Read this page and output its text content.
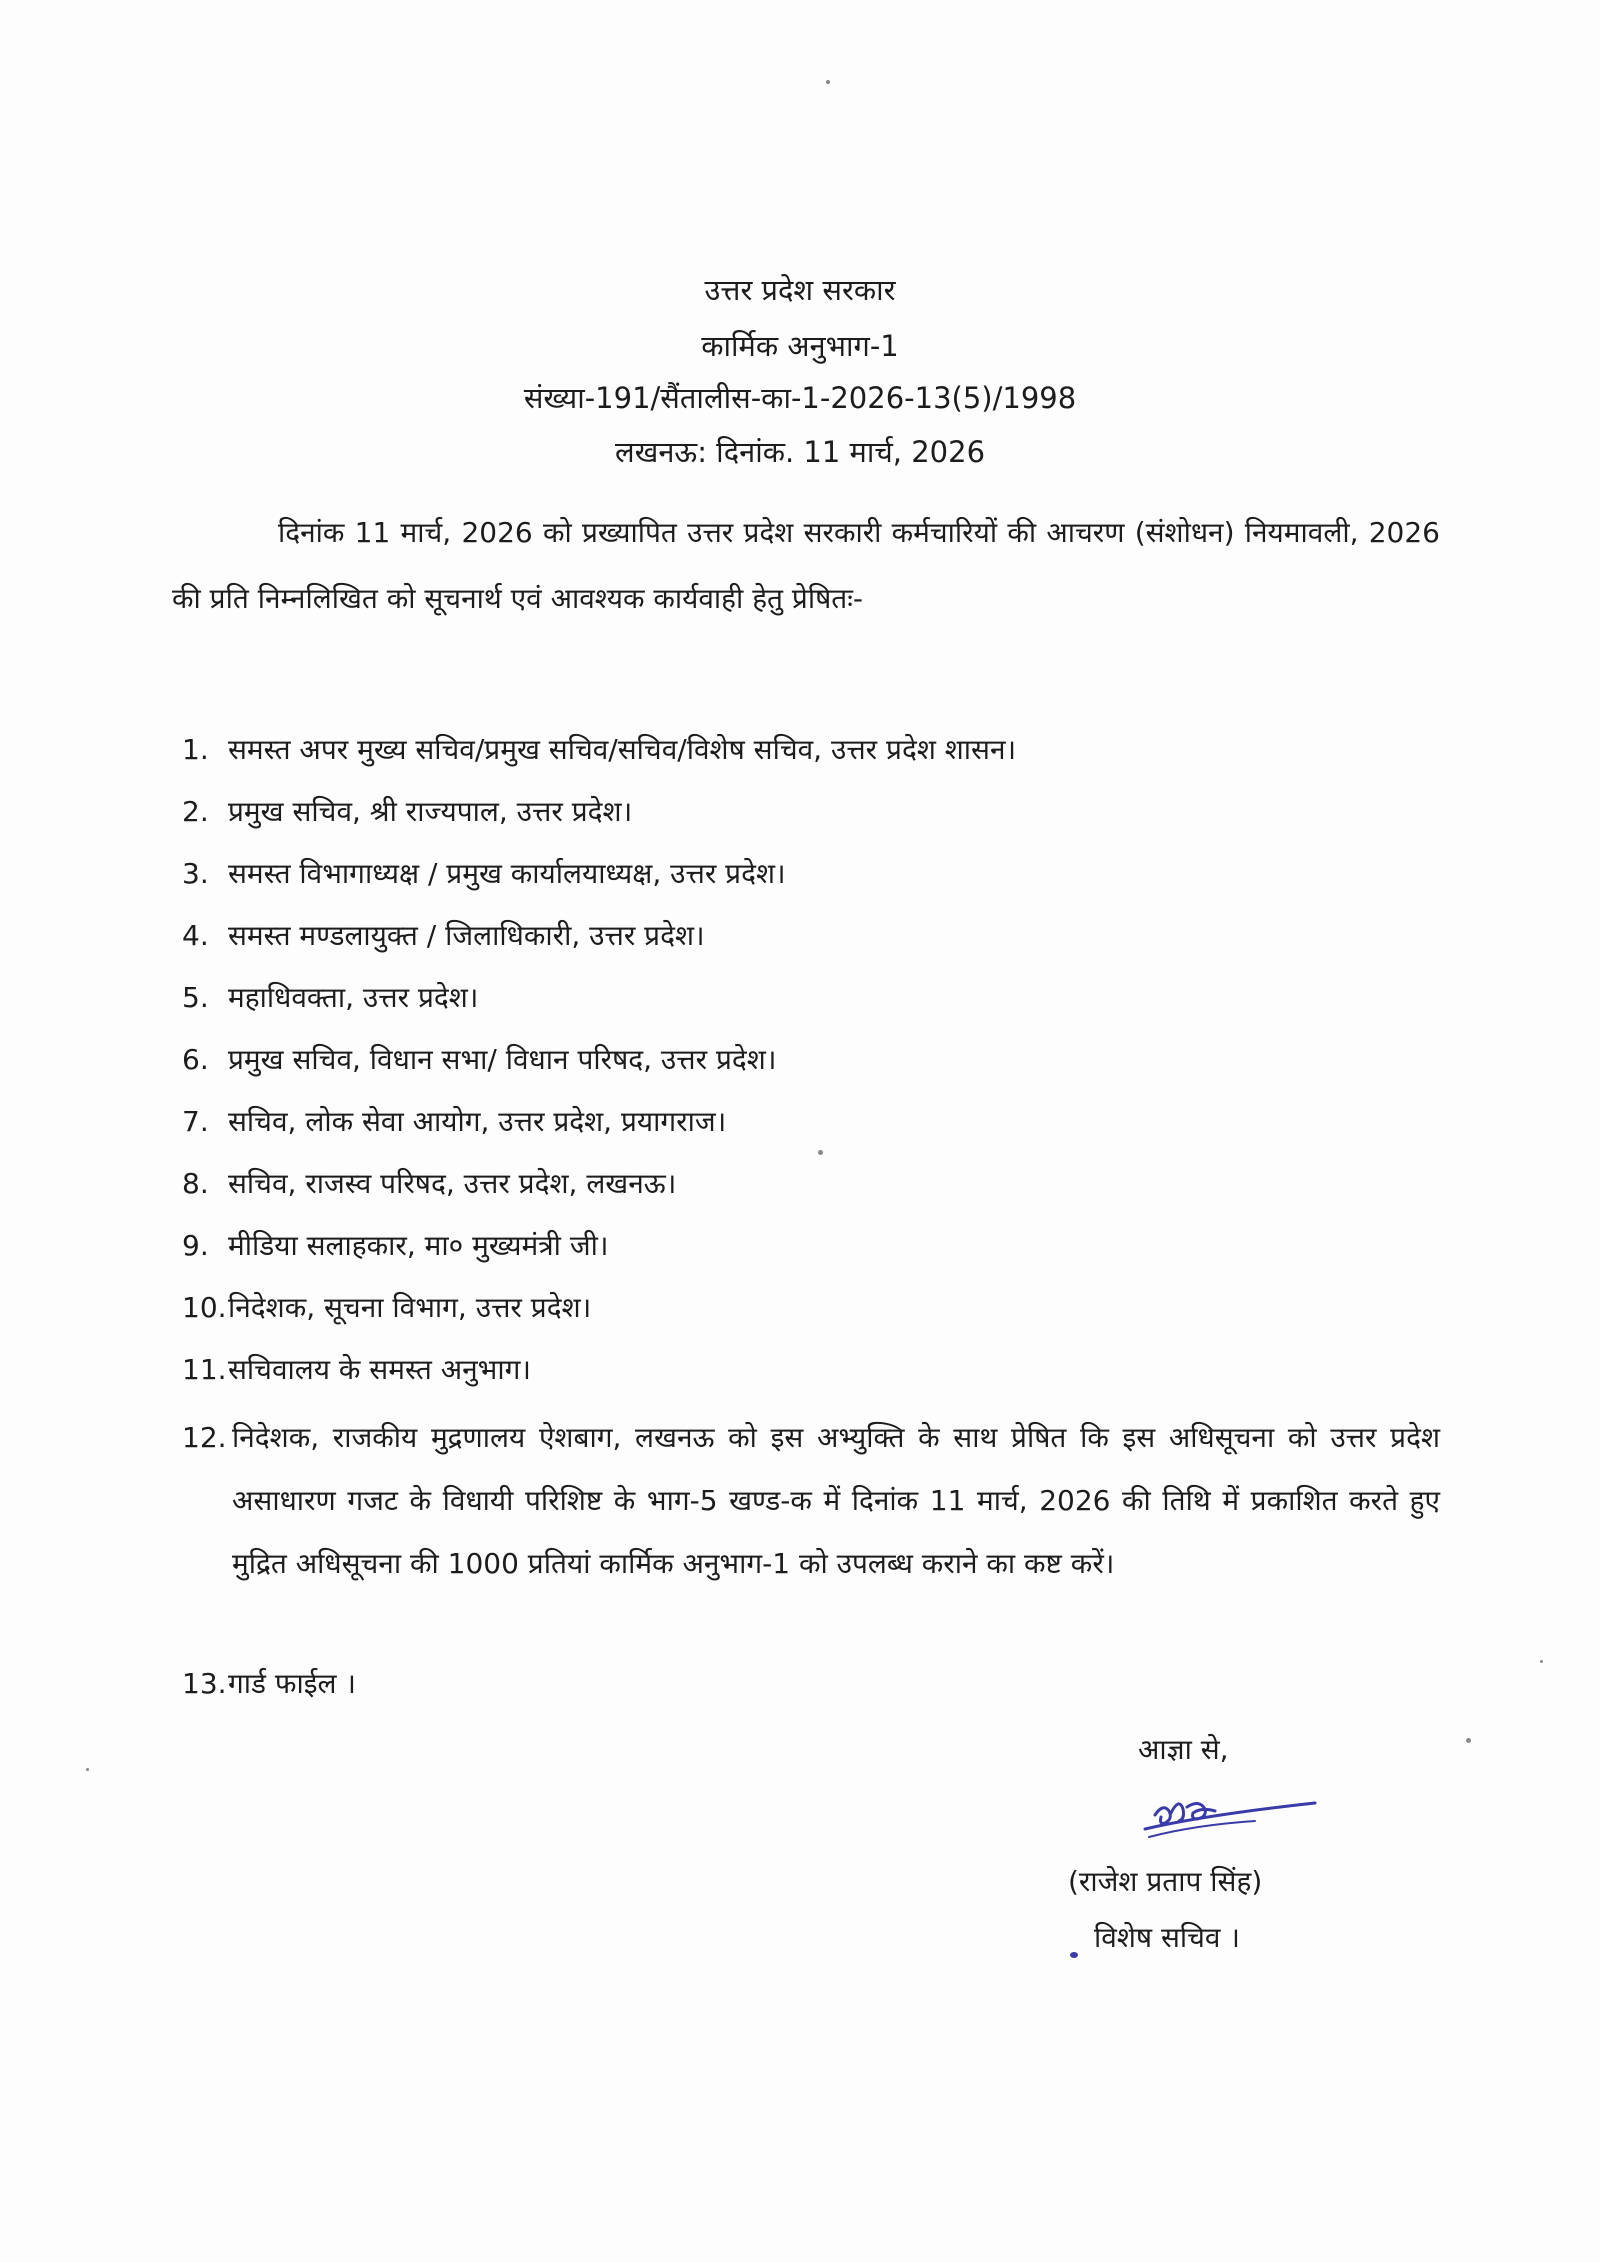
उत्तर प्रदेश सरकार
कार्मिक अनुभाग-1
संख्या-191/सैंतालीस-का-1-2026-13(5)/1998
लखनऊ: दिनांक. 11 मार्च, 2026
दिनांक 11 मार्च, 2026 को प्रख्यापित उत्तर प्रदेश सरकारी कर्मचारियों की आचरण (संशोधन) नियमावली, 2026 की प्रति निम्नलिखित को सूचनार्थ एवं आवश्यक कार्यवाही हेतु प्रेषितः-
1. समस्त अपर मुख्य सचिव/प्रमुख सचिव/सचिव/विशेष सचिव, उत्तर प्रदेश शासन।
2. प्रमुख सचिव, श्री राज्यपाल, उत्तर प्रदेश।
3. समस्त विभागाध्यक्ष / प्रमुख कार्यालयाध्यक्ष, उत्तर प्रदेश।
4. समस्त मण्डलायुक्त / जिलाधिकारी, उत्तर प्रदेश।
5. महाधिवक्ता, उत्तर प्रदेश।
6. प्रमुख सचिव, विधान सभा/ विधान परिषद, उत्तर प्रदेश।
7. सचिव, लोक सेवा आयोग, उत्तर प्रदेश, प्रयागराज।
8. सचिव, राजस्व परिषद, उत्तर प्रदेश, लखनऊ।
9. मीडिया सलाहकार, मा० मुख्यमंत्री जी।
10.निदेशक, सूचना विभाग, उत्तर प्रदेश।
11.सचिवालय के समस्त अनुभाग।
12. निदेशक, राजकीय मुद्रणालय ऐशबाग, लखनऊ को इस अभ्युक्ति के साथ प्रेषित कि इस अधिसूचना को उत्तर प्रदेश असाधारण गजट के विधायी परिशिष्ट के भाग-5 खण्ड-क में दिनांक 11 मार्च, 2026 की तिथि में प्रकाशित करते हुए मुद्रित अधिसूचना की 1000 प्रतियां कार्मिक अनुभाग-1 को उपलब्ध कराने का कष्ट करें।
13.गार्ड फाईल ।
आज्ञा से,
(राजेश प्रताप सिंह)
विशेष सचिव ।
